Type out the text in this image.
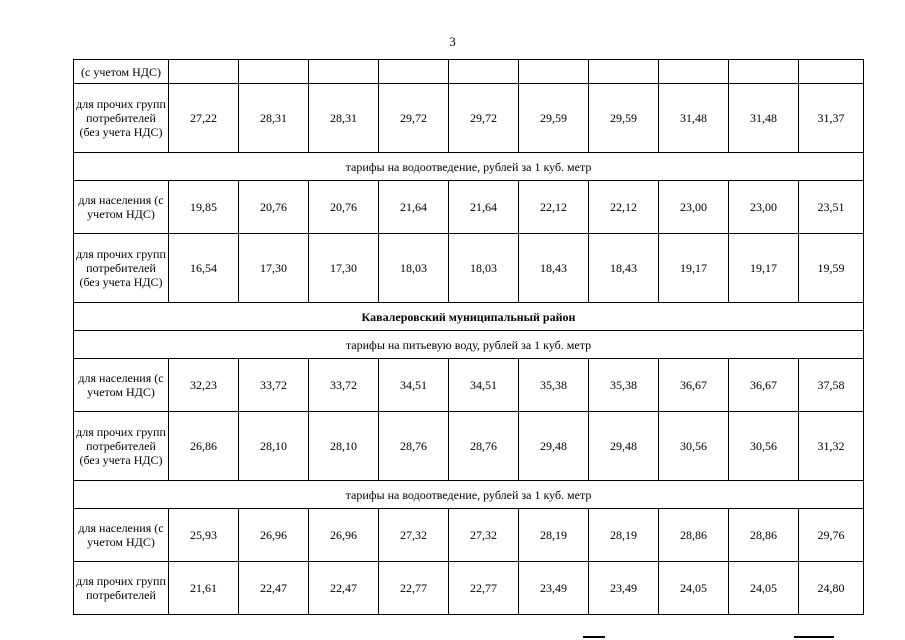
3
(с учетом НДС)										
для прочих групп потребителей (без учета НДС)	27,22	28,31	28,31	29,72	29,72	29,59	29,59	31,48	31,48	31,37
тарифы на водоотведение, рублей за 1 куб. метр										
для населения (с учетом НДС)	19,85	20,76	20,76	21,64	21,64	22,12	22,12	23,00	23,00	23,51
для прочих групп потребителей (без учета НДС)	16,54	17,30	17,30	18,03	18,03	18,43	18,43	19,17	19,17	19,59
Кавалеровский муниципальный район										
тарифы на питьевую воду, рублей за 1 куб. метр										
для населения (с учетом НДС)	32,23	33,72	33,72	34,51	34,51	35,38	35,38	36,67	36,67	37,58
для прочих групп потребителей (без учета НДС)	26,86	28,10	28,10	28,76	28,76	29,48	29,48	30,56	30,56	31,32
тарифы на водоотведение, рублей за 1 куб. метр										
для населения (с учетом НДС)	25,93	26,96	26,96	27,32	27,32	28,19	28,19	28,86	28,86	29,76
для прочих групп потребителей	21,61	22,47	22,47	22,77	22,77	23,49	23,49	24,05	24,05	24,80
